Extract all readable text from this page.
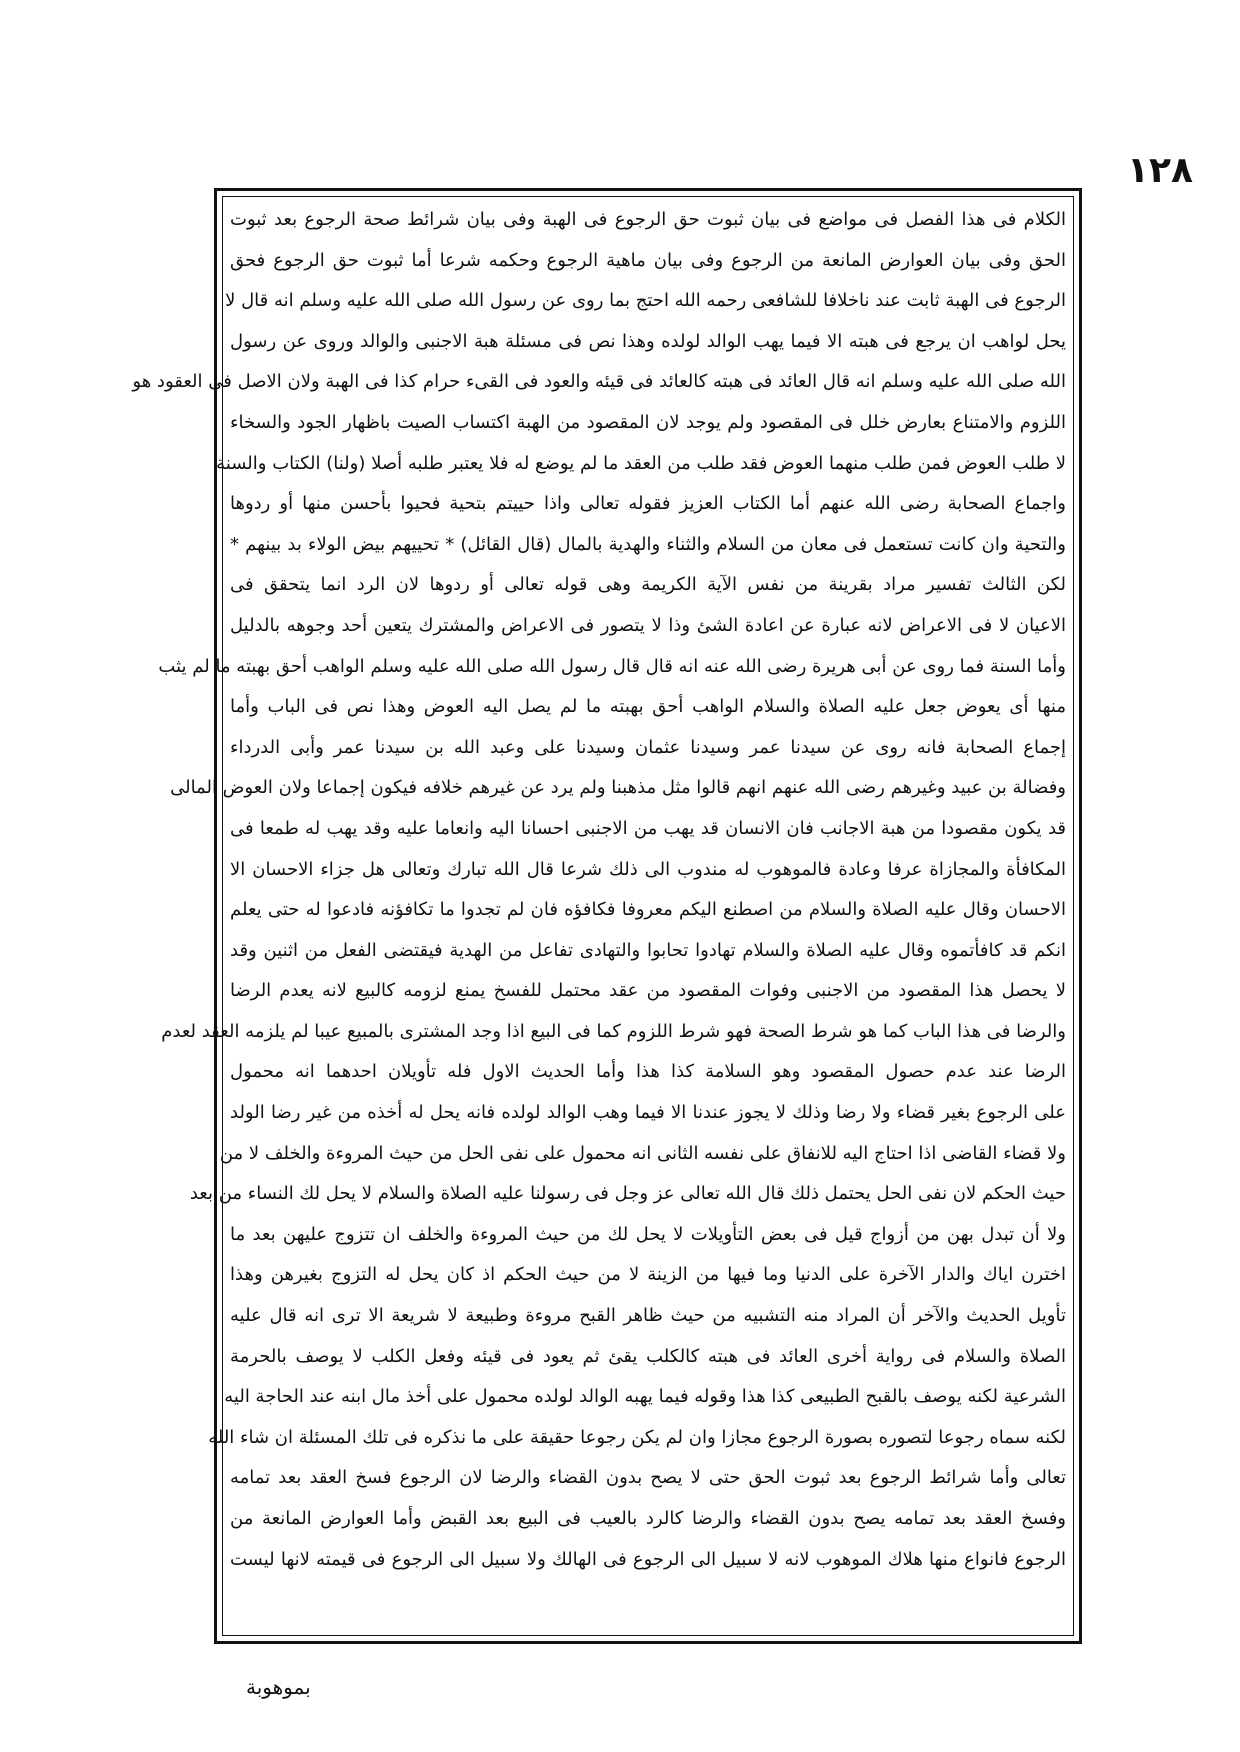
١٢٨
الكلام فى هذا الفصل فى مواضع فى بيان ثبوت حق الرجوع فى الهبة وفى بيان شرائط صحة الرجوع بعد ثبوت
الحق وفى بيان العوارض المانعة من الرجوع وفى بيان ماهية الرجوع وحكمه شرعا أما ثبوت حق الرجوع فحق
الرجوع فى الهبة ثابت عند ناخلافا للشافعى رحمه الله احتج بما روى عن رسول الله صلى الله عليه وسلم انه قال لا
يحل لواهب ان يرجع فى هبته الا فيما يهب الوالد لولده وهذا نص فى مسئلة هبة الاجنبى والوالد وروى عن رسول
الله صلى الله عليه وسلم انه قال العائد فى هبته كالعائد فى قيئه والعود فى القىء حرام كذا فى الهبة ولان الاصل فى العقود هو
اللزوم والامتناع بعارض خلل فى المقصود ولم يوجد لان المقصود من الهبة اكتساب الصيت باظهار الجود والسخاء
لا طلب العوض فمن طلب منهما العوض فقد طلب من العقد ما لم يوضع له فلا يعتبر طلبه أصلا (ولنا) الكتاب والسنة
واجماع الصحابة رضى الله عنهم أما الكتاب العزيز فقوله تعالى واذا حييتم بتحية فحيوا بأحسن منها أو ردوها
والتحية وان كانت تستعمل فى معان من السلام والثناء والهدية بالمال (قال القائل) * تحييهم بيض الولاء بد بينهم *
لكن الثالث تفسير مراد بقرينة من نفس الآية الكريمة وهى قوله تعالى أو ردوها لان الرد انما يتحقق فى
الاعيان لا فى الاعراض لانه عبارة عن اعادة الشئ وذا لا يتصور فى الاعراض والمشترك يتعين أحد وجوهه بالدليل
وأما السنة فما روى عن أبى هريرة رضى الله عنه انه قال قال رسول الله صلى الله عليه وسلم الواهب أحق بهبته ما لم يثب
منها أى يعوض جعل عليه الصلاة والسلام الواهب أحق بهبته ما لم يصل اليه العوض وهذا نص فى الباب وأما
إجماع الصحابة فانه روى عن سيدنا عمر وسيدنا عثمان وسيدنا على وعبد الله بن سيدنا عمر وأبى الدرداء
وفضالة بن عبيد وغيرهم رضى الله عنهم انهم قالوا مثل مذهبنا ولم يرد عن غيرهم خلافه فيكون إجماعا ولان العوض المالى
قد يكون مقصودا من هبة الاجانب فان الانسان قد يهب من الاجنبى احسانا اليه وانعاما عليه وقد يهب له طمعا فى
المكافأة والمجازاة عرفا وعادة فالموهوب له مندوب الى ذلك شرعا قال الله تبارك وتعالى هل جزاء الاحسان الا
الاحسان وقال عليه الصلاة والسلام من اصطنع اليكم معروفا فكافؤه فان لم تجدوا ما تكافؤنه فادعوا له حتى يعلم
انكم قد كافأتموه وقال عليه الصلاة والسلام تهادوا تحابوا والتهادى تفاعل من الهدية فيقتضى الفعل من اثنين وقد
لا يحصل هذا المقصود من الاجنبى وفوات المقصود من عقد محتمل للفسخ يمنع لزومه كالبيع لانه يعدم الرضا
والرضا فى هذا الباب كما هو شرط الصحة فهو شرط اللزوم كما فى البيع اذا وجد المشترى بالمبيع عيبا لم يلزمه العقد لعدم
الرضا عند عدم حصول المقصود وهو السلامة كذا هذا وأما الحديث الاول فله تأويلان احدهما انه محمول
على الرجوع بغير قضاء ولا رضا وذلك لا يجوز عندنا الا فيما وهب الوالد لولده فانه يحل له أخذه من غير رضا الولد
ولا قضاء القاضى اذا احتاج اليه للانفاق على نفسه الثانى انه محمول على نفى الحل من حيث المروءة والخلف لا من
حيث الحكم لان نفى الحل يحتمل ذلك قال الله تعالى عز وجل فى رسولنا عليه الصلاة والسلام لا يحل لك النساء من بعد
ولا أن تبدل بهن من أزواج قيل فى بعض التأويلات لا يحل لك من حيث المروءة والخلف ان تتزوج عليهن بعد ما
اخترن اياك والدار الآخرة على الدنيا وما فيها من الزينة لا من حيث الحكم اذ كان يحل له التزوج بغيرهن وهذا
تأويل الحديث والآخر أن المراد منه التشبيه من حيث ظاهر القبح مروءة وطبيعة لا شريعة الا ترى انه قال عليه
الصلاة والسلام فى رواية أخرى العائد فى هبته كالكلب يقئ ثم يعود فى قيئه وفعل الكلب لا يوصف بالحرمة
الشرعية لكنه يوصف بالقبح الطبيعى كذا هذا وقوله فيما يهبه الوالد لولده محمول على أخذ مال ابنه عند الحاجة اليه
لكنه سماه رجوعا لتصوره بصورة الرجوع مجازا وان لم يكن رجوعا حقيقة على ما نذكره فى تلك المسئلة ان شاء الله
تعالى وأما شرائط الرجوع بعد ثبوت الحق حتى لا يصح بدون القضاء والرضا لان الرجوع فسخ العقد بعد تمامه
وفسخ العقد بعد تمامه يصح بدون القضاء والرضا كالرد بالعيب فى البيع بعد القبض وأما العوارض المانعة من
الرجوع فانواع منها هلاك الموهوب لانه لا سبيل الى الرجوع فى الهالك ولا سبيل الى الرجوع فى قيمته لانها ليست
بموهوبة
